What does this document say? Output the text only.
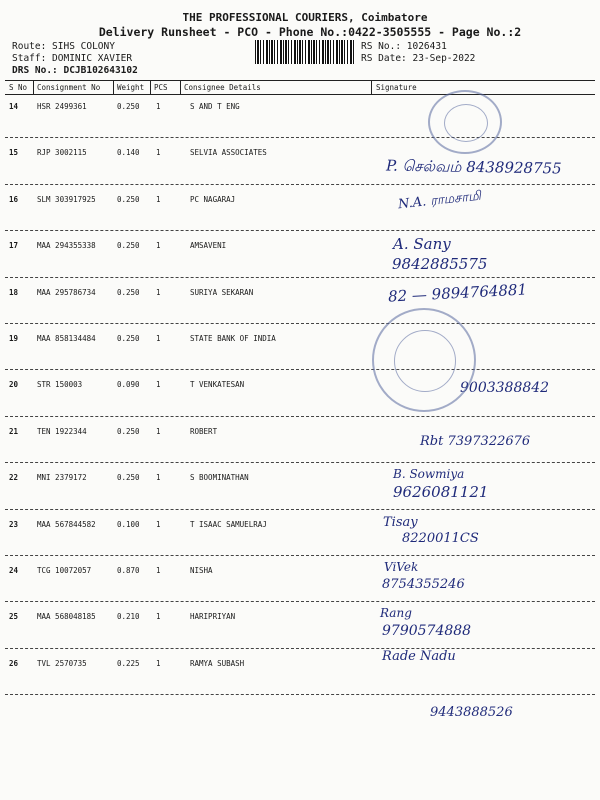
THE PROFESSIONAL COURIERS, Coimbatore
Delivery Runsheet - PCO - Phone No.:0422-3505555 - Page No.:2
Route: SIHS COLONY
Staff: DOMINIC XAVIER
DRS No.: DCJB102643102
RS No.: 1026431
RS Date: 23-Sep-2022
S No Consignment No Weight PCS Consignee Details	Signature
14	HSR 2499361	0.250 1	S AND T ENG
15	RJP 3002115	0.140 1	SELVIA ASSOCIATES
P. செல்வம் 8438928755
16	SLM 303917925	0.250 1	PC NAGARAJ	N.A. ராமசாமி
17	MAA 294355338	0.250 1	AMSAVENI	A. Sany
9842885575
18	MAA 295786734	0.250 1	SURIYA SEKARAN	82 — 9894764881
19	MAA 858134484	0.250 1	STATE BANK OF INDIA
20	STR 150003	0.090 1	T VENKATESAN	9003388842
21	TEN 1922344	0.250 1	ROBERT
Rbt 7397322676
22	MNI 2379172	0.250 1	S BOOMINATHAN	B. Sowmiya
9626081121
23	MAA 567844582	0.100 1	T ISAAC SAMUELRAJ	Tisay
8220011CS
24	TCG 10072057	0.870 1	NISHA	ViVek
8754355246
25	MAA 568048185	0.210 1	HARIPRIYAN	Rang
9790574888
26	TVL 2570735	0.225 1	RAMYA SUBASH	Rade Nadu
9443888526
